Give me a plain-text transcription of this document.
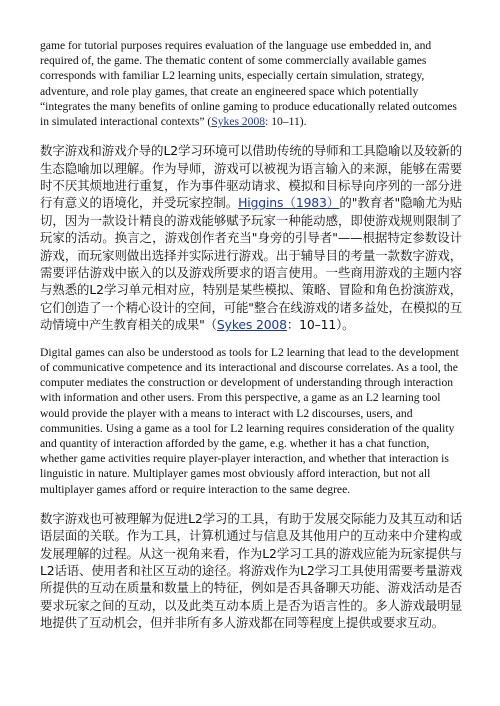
game for tutorial purposes requires evaluation of the language use embedded in, and required of, the game. The thematic content of some commercially available games corresponds with familiar L2 learning units, especially certain simulation, strategy, adventure, and role play games, that create an engineered space which potentially “integrates the many benefits of online gaming to produce educationally related outcomes in simulated interactional contexts” (Sykes 2008: 10–11).

数字游戏和游戏介导的L2学习环境可以借助传统的导师和工具隐喻以及较新的生态隐喻加以理解。作为导师，游戏可以被视为语言输入的来源，能够在需要时不厌其烦地进行重复，作为事件驱动请求、模拟和目标导向序列的一部分进行有意义的语境化，并受玩家控制。Higgins（1983）的"教育者"隐喻尤为贴切，因为一款设计精良的游戏能够赋予玩家一种能动感，即使游戏规则限制了玩家的活动。换言之，游戏创作者充当"身旁的引导者"——根据特定参数设计游戏，而玩家则做出选择并实际进行游戏。出于辅导目的考量一款数字游戏，需要评估游戏中嵌入的以及游戏所要求的语言使用。一些商用游戏的主题内容与熟悉的L2学习单元相对应，特别是某些模拟、策略、冒险和角色扮演游戏，它们创造了一个精心设计的空间，可能"整合在线游戏的诸多益处，在模拟的互动情境中产生教育相关的成果"（Sykes 2008：10–11）。

Digital games can also be understood as tools for L2 learning that lead to the development of communicative competence and its interactional and discourse correlates. As a tool, the computer mediates the construction or development of understanding through interaction with information and other users. From this perspective, a game as an L2 learning tool would provide the player with a means to interact with L2 discourses, users, and communities. Using a game as a tool for L2 learning requires consideration of the quality and quantity of interaction afforded by the game, e.g. whether it has a chat function, whether game activities require player-player interaction, and whether that interaction is linguistic in nature. Multiplayer games most obviously afford interaction, but not all multiplayer games afford or require interaction to the same degree.

数字游戏也可被理解为促进L2学习的工具，有助于发展交际能力及其互动和话语层面的关联。作为工具，计算机通过与信息及其他用户的互动来中介建构或发展理解的过程。从这一视角来看，作为L2学习工具的游戏应能为玩家提供与L2话语、使用者和社区互动的途径。将游戏作为L2学习工具使用需要考量游戏所提供的互动在质量和数量上的特征，例如是否具备聊天功能、游戏活动是否要求玩家之间的互动，以及此类互动本质上是否为语言性的。多人游戏最明显地提供了互动机会，但并非所有多人游戏都在同等程度上提供或要求互动。
